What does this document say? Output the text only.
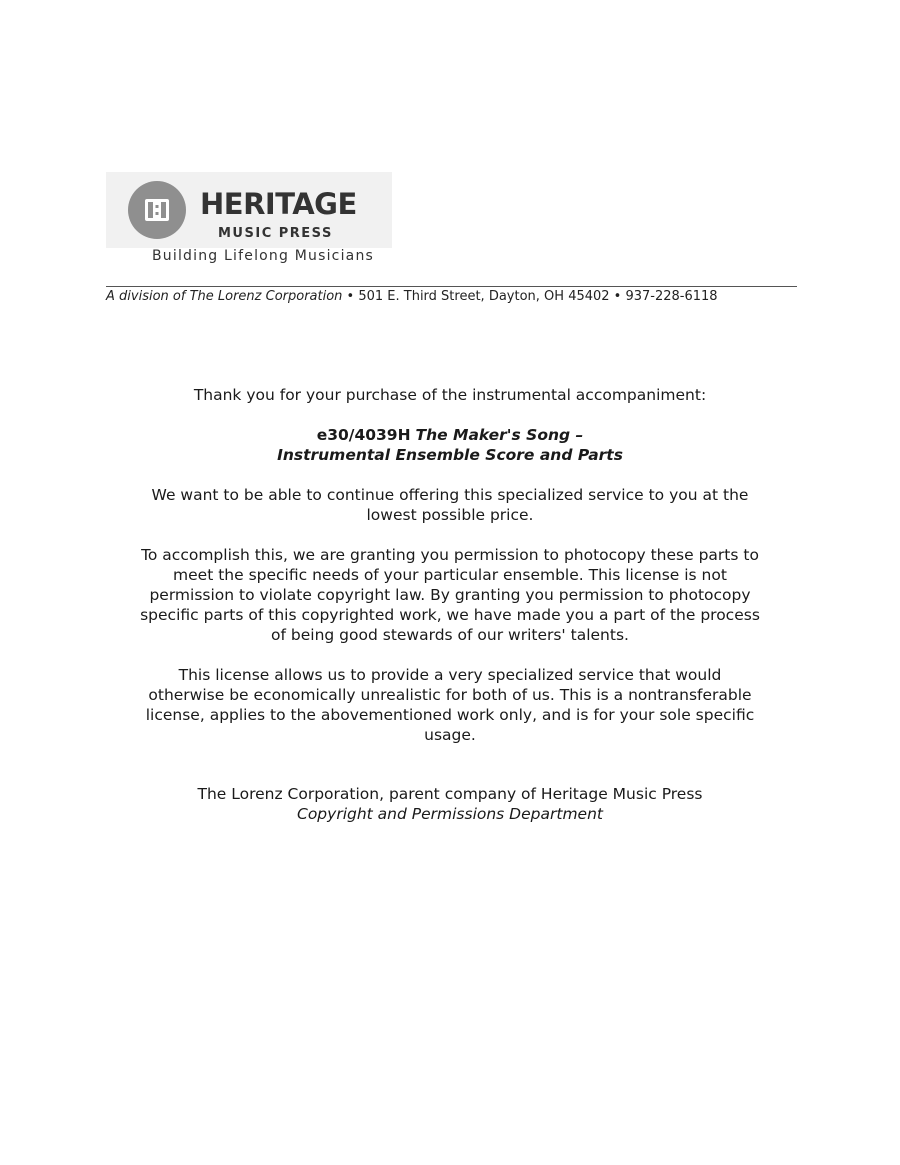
HERITAGE
MUSIC PRESS
Building Lifelong Musicians
A division of The Lorenz Corporation • 501 E. Third Street, Dayton, OH 45402 • 937-228-6118

Thank you for your purchase of the instrumental accompaniment:

e30/4039H The Maker's Song –

Instrumental Ensemble Score and Parts

We want to be able to continue offering this specialized service to you at the lowest possible price.

To accomplish this, we are granting you permission to photocopy these parts to meet the specific needs of your particular ensemble. This license is not permission to violate copyright law. By granting you permission to photocopy specific parts of this copyrighted work, we have made you a part of the process of being good stewards of our writers' talents.

This license allows us to provide a very specialized service that would otherwise be economically unrealistic for both of us. This is a nontransferable license, applies to the abovementioned work only, and is for your sole specific usage.

The Lorenz Corporation, parent company of Heritage Music Press

Copyright and Permissions Department
